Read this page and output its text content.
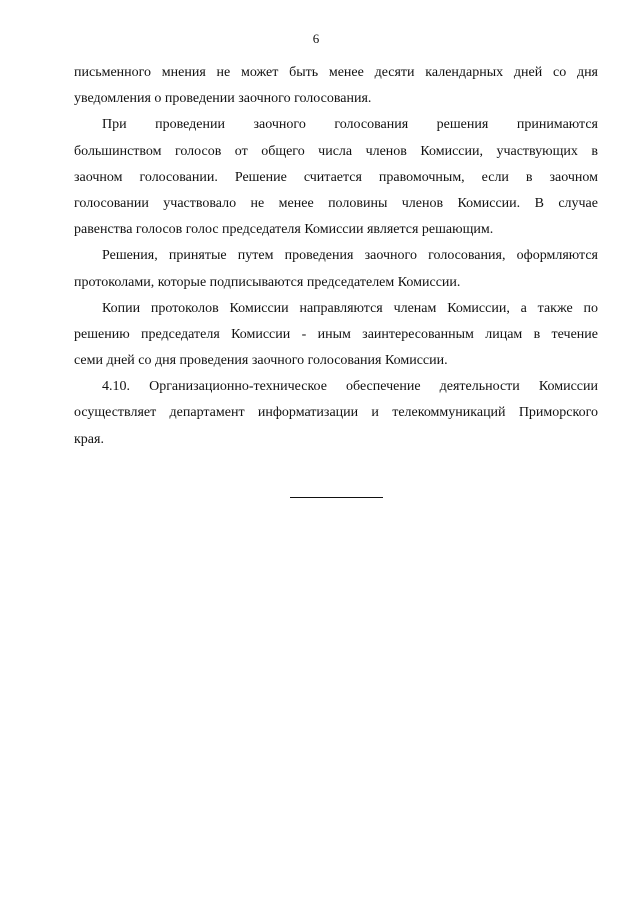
6
письменного мнения не может быть менее десяти календарных дней со дня
уведомления о проведении заочного голосования.
При проведении заочного голосования решения принимаются
большинством голосов от общего числа членов Комиссии, участвующих в
заочном голосовании. Решение считается правомочным, если в заочном
голосовании участвовало не менее половины членов Комиссии. В случае
равенства голосов голос председателя Комиссии является решающим.
Решения, принятые путем проведения заочного голосования, оформляются
протоколами, которые подписываются председателем Комиссии.
Копии протоколов Комиссии направляются членам Комиссии, а также по
решению председателя Комиссии - иным заинтересованным лицам в течение
семи дней со дня проведения заочного голосования Комиссии.
4.10. Организационно-техническое обеспечение деятельности Комиссии
осуществляет департамент информатизации и телекоммуникаций Приморского
края.
